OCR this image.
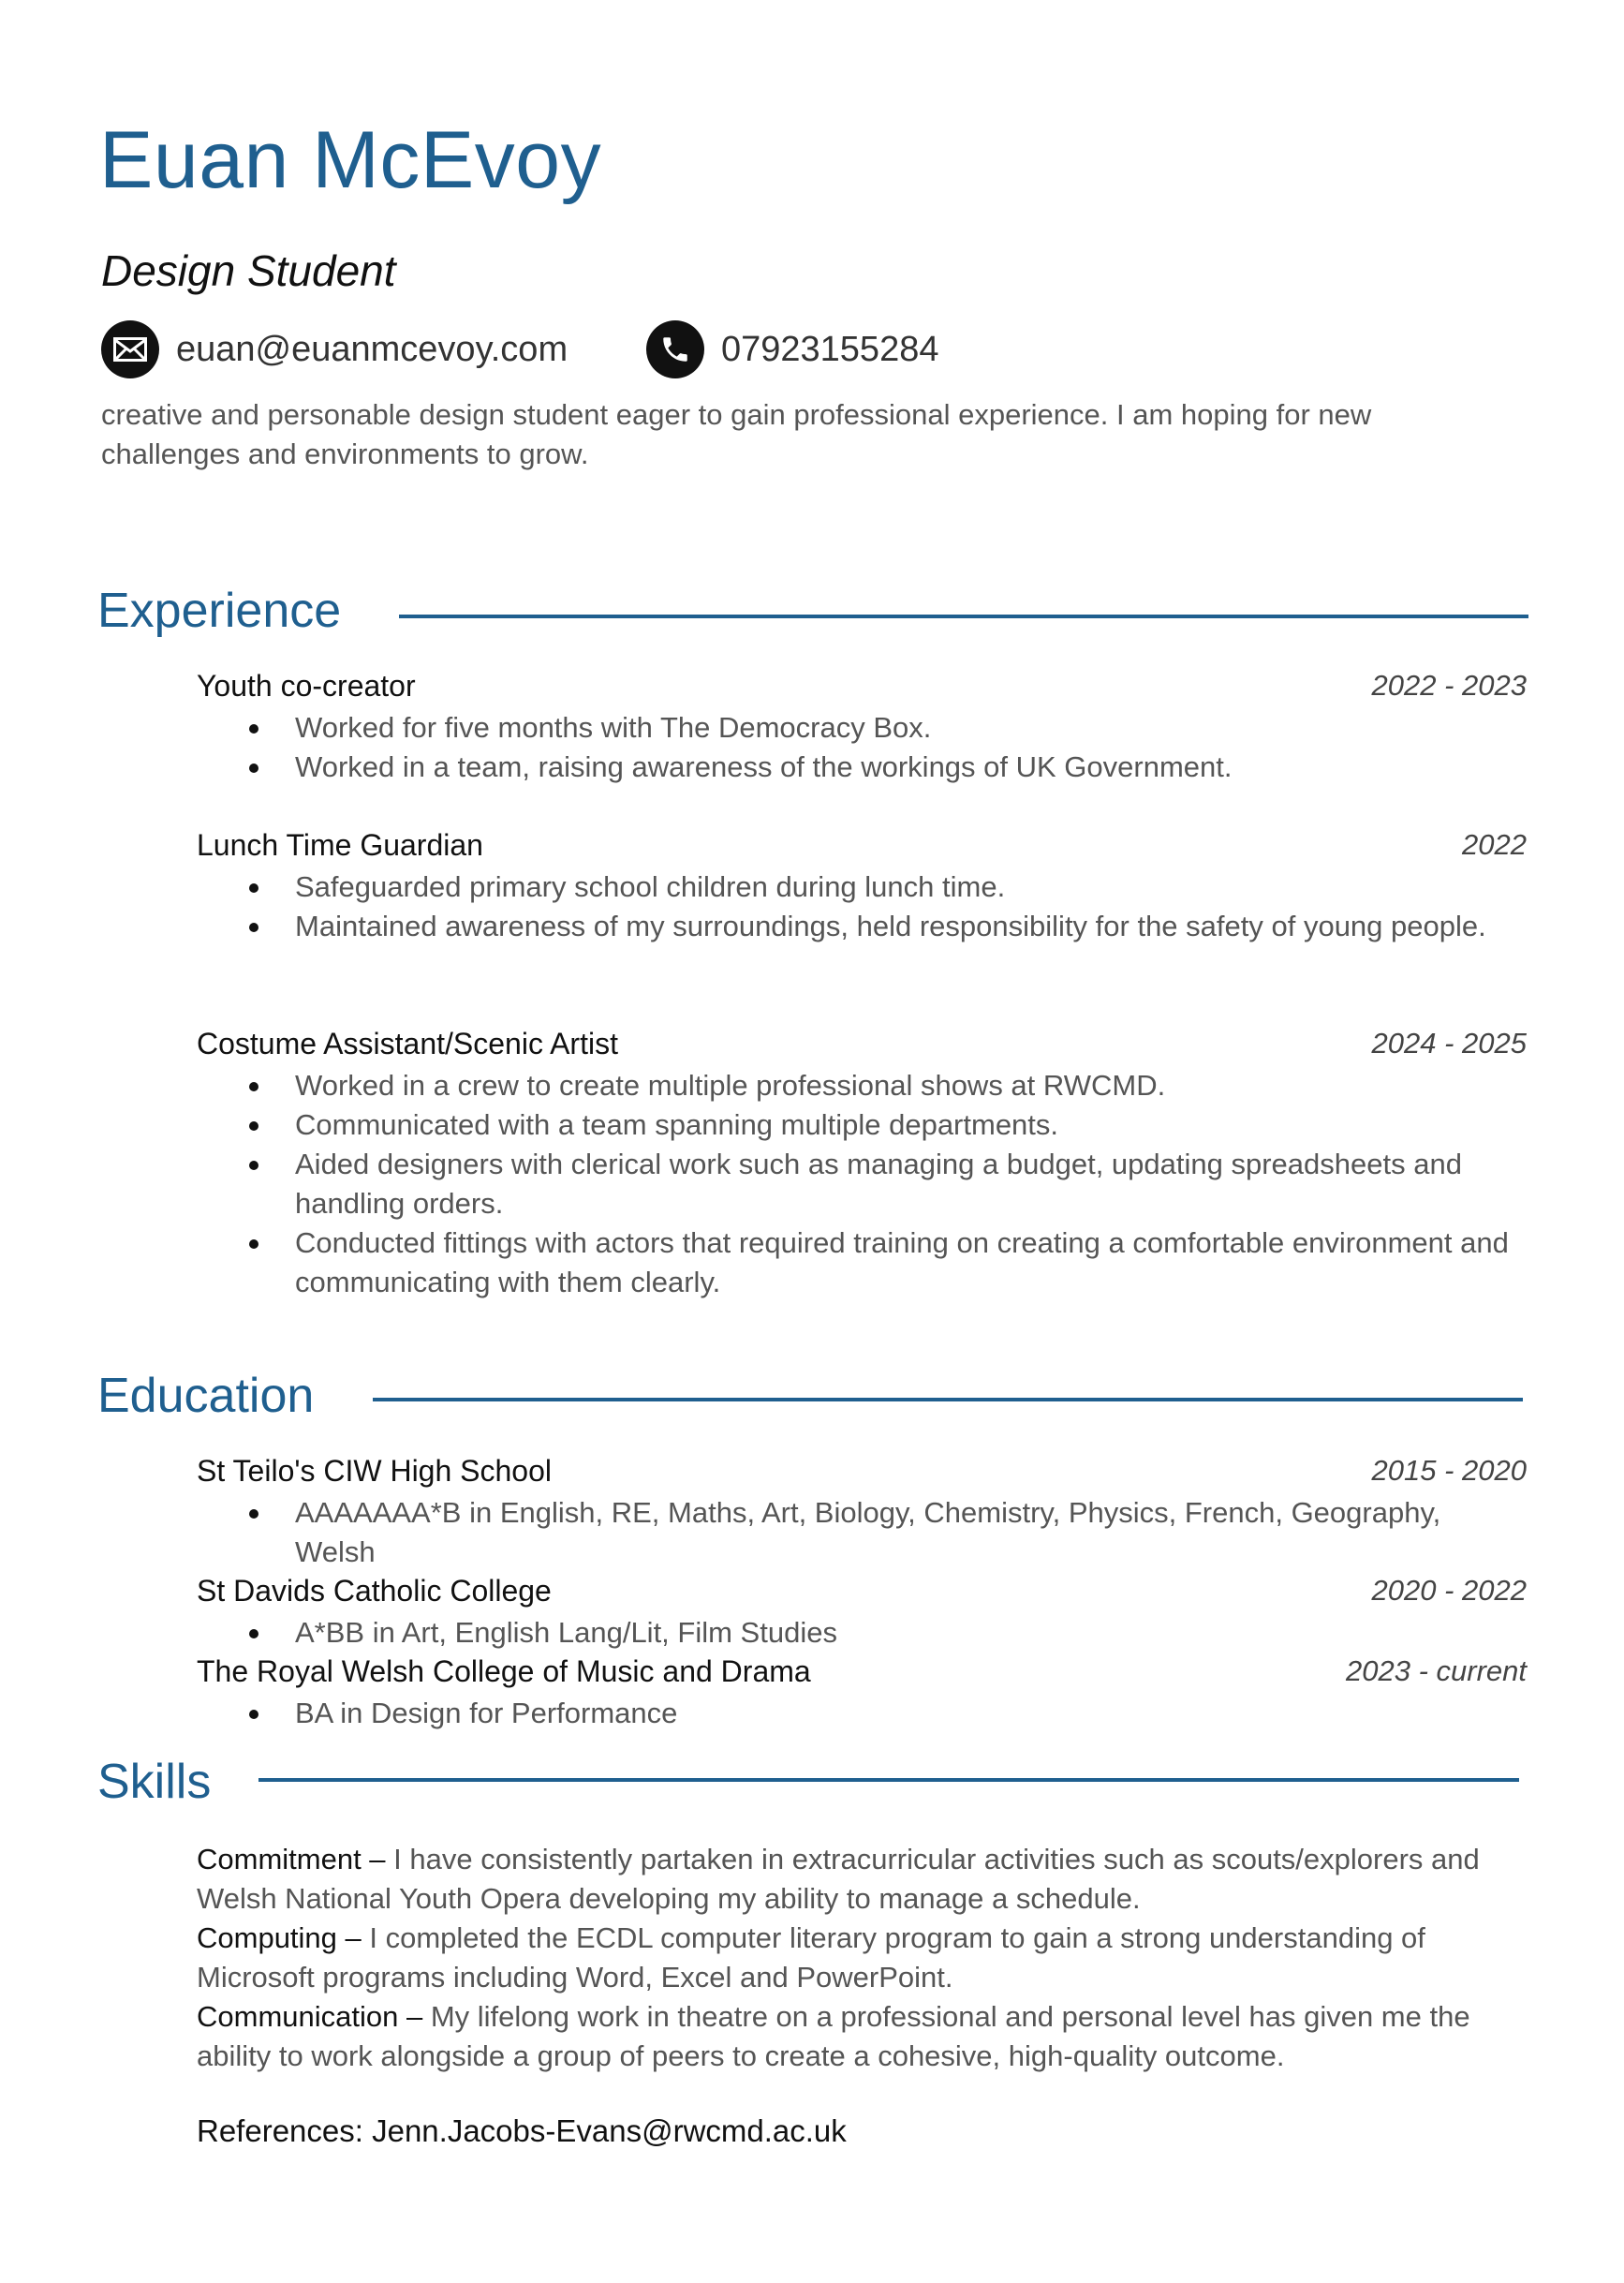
Euan McEvoy
Design Student
euan@euanmcevoy.com	07923155284
creative and personable design student eager to gain professional experience. I am hoping for new challenges and environments to grow.
Experience
Youth co-creator	2022 - 2023
Worked for five months with The Democracy Box.
Worked in a team, raising awareness of the workings of UK Government.
Lunch Time Guardian	2022
Safeguarded primary school children during lunch time.
Maintained awareness of my surroundings, held responsibility for the safety of young people.
Costume Assistant/Scenic Artist	2024 - 2025
Worked in a crew to create multiple professional shows at RWCMD.
Communicated with a team spanning multiple departments.
Aided designers with clerical work such as managing a budget, updating spreadsheets and handling orders.
Conducted fittings with actors that required training on creating a comfortable environment and communicating with them clearly.
Education
St Teilo's CIW High School	2015 - 2020
AAAAAAA*B in English, RE, Maths, Art, Biology, Chemistry, Physics, French, Geography, Welsh
St Davids Catholic College	2020 - 2022
A*BB in Art, English Lang/Lit, Film Studies
The Royal Welsh College of Music and Drama	2023 - current
BA in Design for Performance
Skills
Commitment – I have consistently partaken in extracurricular activities such as scouts/explorers and Welsh National Youth Opera developing my ability to manage a schedule.
Computing – I completed the ECDL computer literary program to gain a strong understanding of Microsoft programs including Word, Excel and PowerPoint.
Communication – My lifelong work in theatre on a professional and personal level has given me the ability to work alongside a group of peers to create a cohesive, high-quality outcome.
References: Jenn.Jacobs-Evans@rwcmd.ac.uk
